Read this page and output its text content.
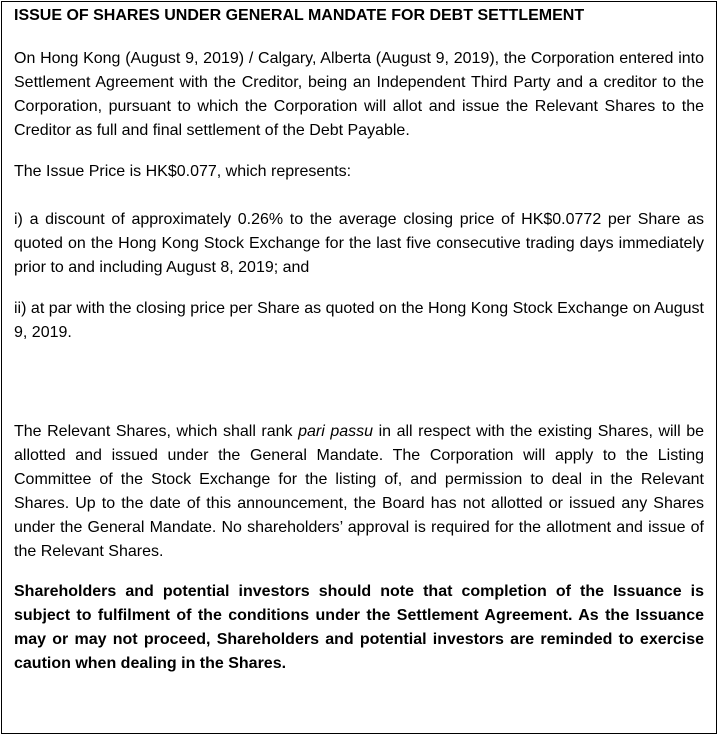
ISSUE OF SHARES UNDER GENERAL MANDATE FOR DEBT SETTLEMENT

On Hong Kong (August 9, 2019) / Calgary, Alberta (August 9, 2019), the Corporation entered into Settlement Agreement with the Creditor, being an Independent Third Party and a creditor to the Corporation, pursuant to which the Corporation will allot and issue the Relevant Shares to the Creditor as full and final settlement of the Debt Payable.

The Issue Price is HK$0.077, which represents:

i) a discount of approximately 0.26% to the average closing price of HK$0.0772 per Share as quoted on the Hong Kong Stock Exchange for the last five consecutive trading days immediately prior to and including August 8, 2019; and

ii) at par with the closing price per Share as quoted on the Hong Kong Stock Exchange on August 9, 2019.

The Relevant Shares, which shall rank pari passu in all respect with the existing Shares, will be allotted and issued under the General Mandate. The Corporation will apply to the Listing Committee of the Stock Exchange for the listing of, and permission to deal in the Relevant Shares. Up to the date of this announcement, the Board has not allotted or issued any Shares under the General Mandate. No shareholders’ approval is required for the allotment and issue of the Relevant Shares.

Shareholders and potential investors should note that completion of the Issuance is subject to fulfilment of the conditions under the Settlement Agreement. As the Issuance may or may not proceed, Shareholders and potential investors are reminded to exercise caution when dealing in the Shares.
